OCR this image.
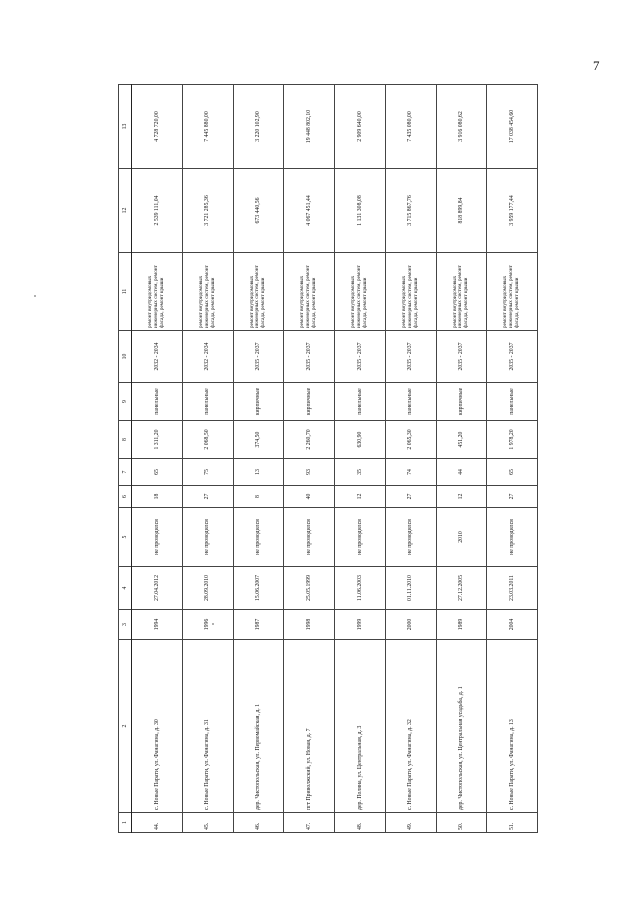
7
1	2	3	4	5	6	7	8	9	10	11	12	13
44.	с. Новые Парати, ул. Фанагина, д. 30	1994	27.04.2012	не проводился	18	65	1 311,20	панельные	2032 - 2034	ремонт внутридомовых инженерных систем, ремонт фасада, ремонт крыши	2 539 111,04	4 728 720,00
45.	с. Новые Парати, ул. Фанагина, д. 31	1996	28.09.2010	не проводился	27	75	2 068,50	панельные	2032 - 2034	ремонт внутридомовых инженерных систем, ремонт фасада, ремонт крыши	3 721 285,36	7 445 880,00
46.	дер. Чистопольская, ул. Первомайская, д. 1	1987	15.06.2007	не проводился	8	13	374,50	кирпичные	2035 - 2037	ремонт внутридомовых инженерных систем, ремонт фасада, ремонт крыши	673 440,56	3 220 102,90
47.	пгт Приволжский, ул. Новая, д. 7	1998	25.05.1999	не проводился	40	93	2 260,70	кирпичные	2035 - 2037	ремонт внутридомовых инженерных систем, ремонт фасада, ремонт крыши	4 067 451,44	19 448 802,10
48.	дер. Поляна, ул. Центральная, д. 3	1999	11.06.2003	не проводился	12	35	630,90	панельные	2035 - 2037	ремонт внутридомовых инженерных систем, ремонт фасада, ремонт крыши	1 131 308,08	2 909 640,00
49.	с. Новые Парати, ул. Фанагина, д. 32	2000	01.11.2010	не проводился	27	74	2 065,30	панельные	2035 - 2037	ремонт внутридомовых инженерных систем, ремонт фасада, ремонт крыши	3 715 867,76	7 435 080,00
50.	дер. Чистопольская, ул. Центральная усадьба, д. 1	1989	27.12.2005	2010	12	44	451,20	кирпичные	2035 - 2037	ремонт внутридомовых инженерных систем, ремонт фасада, ремонт крыши	818 899,84	3 916 080,62
51.	с. Новые Парати, ул. Фанагина, д. 13	2004	23.03.2011	не проводился	27	65	1 978,20	панельные	2035 - 2037	ремонт внутридомовых инженерных систем, ремонт фасада, ремонт крыши	3 959 177,44	17 038 454,60
